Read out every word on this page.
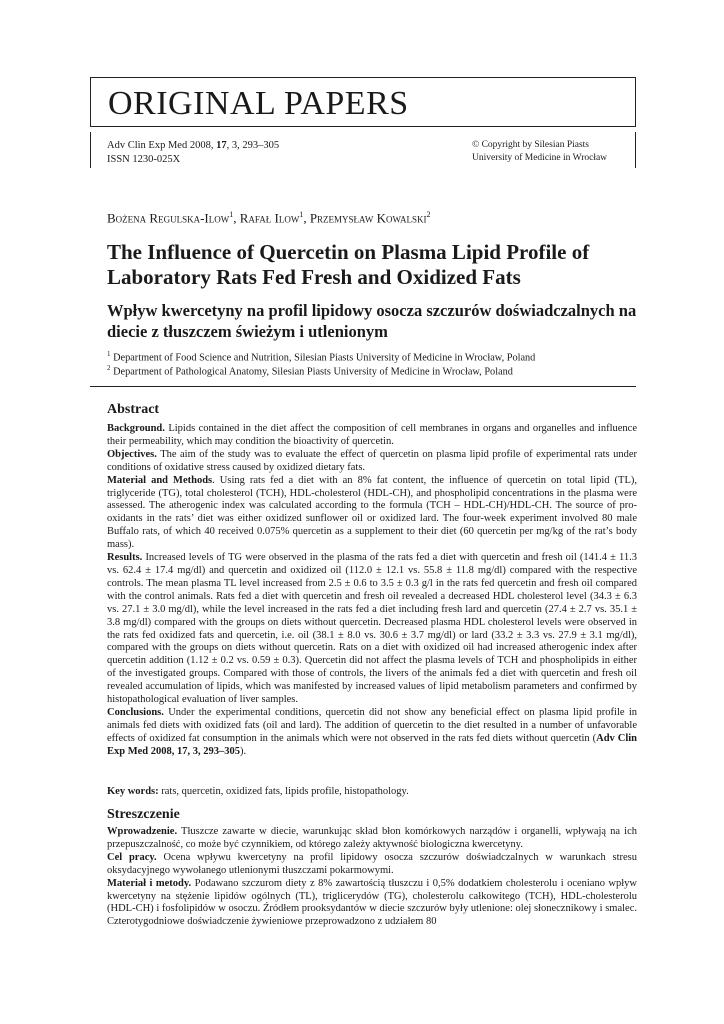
ORIGINAL PAPERS
Adv Clin Exp Med 2008, 17, 3, 293–305
ISSN 1230-025X
© Copyright by Silesian Piasts
University of Medicine in Wrocław
Bożena Regulska-Ilow$^1$, Rafał Ilow$^1$, Przemysław Kowalski$^2$
The Influence of Quercetin on Plasma Lipid Profile of Laboratory Rats Fed Fresh and Oxidized Fats
Wpływ kwercetyny na profil lipidowy osocza szczurów doświadczalnych na diecie z tłuszczem świeżym i utlenionym
$^1$ Department of Food Science and Nutrition, Silesian Piasts University of Medicine in Wrocław, Poland
$^2$ Department of Pathological Anatomy, Silesian Piasts University of Medicine in Wrocław, Poland
Abstract

Background. Lipids contained in the diet affect the composition of cell membranes in organs and organelles and influence their permeability, which may condition the bioactivity of quercetin.

Objectives. The aim of the study was to evaluate the effect of quercetin on plasma lipid profile of experimental rats under conditions of oxidative stress caused by oxidized dietary fats.

Material and Methods. Using rats fed a diet with an 8% fat content, the influence of quercetin on total lipid (TL), triglyceride (TG), total cholesterol (TCH), HDL-cholesterol (HDL-CH), and phospholipid concentrations in the plasma were assessed. The atherogenic index was calculated according to the formula (TCH – HDL-CH)/HDL-CH. The source of pro-oxidants in the rats’ diet was either oxidized sunflower oil or oxidized lard. The four-week experiment involved 80 male Buffalo rats, of which 40 received 0.075% quercetin as a supplement to their diet (60 quercetin per mg/kg of the rat’s body mass).

Results. Increased levels of TG were observed in the plasma of the rats fed a diet with quercetin and fresh oil (141.4 ± 11.3 vs. 62.4 ± 17.4 mg/dl) and quercetin and oxidized oil (112.0 ± 12.1 vs. 55.8 ± 11.8 mg/dl) compared with the respective controls. The mean plasma TL level increased from 2.5 ± 0.6 to 3.5 ± 0.3 g/l in the rats fed quercetin and fresh oil compared with the control animals. Rats fed a diet with quercetin and fresh oil revealed a decreased HDL cholesterol level (34.3 ± 6.3 vs. 27.1 ± 3.0 mg/dl), while the level increased in the rats fed a diet including fresh lard and quercetin (27.4 ± 2.7 vs. 35.1 ± 3.8 mg/dl) compared with the groups on diets without quercetin. Decreased plasma HDL cholesterol levels were observed in the rats fed oxidized fats and quercetin, i.e. oil (38.1 ± 8.0 vs. 30.6 ± 3.7 mg/dl) or lard (33.2 ± 3.3 vs. 27.9 ± 3.1 mg/dl), compared with the groups on diets without quercetin. Rats on a diet with oxidized oil had increased atherogenic index after quercetin addition (1.12 ± 0.2 vs. 0.59 ± 0.3). Quercetin did not affect the plasma levels of TCH and phospholipids in either of the investigated groups. Compared with those of controls, the livers of the animals fed a diet with quercetin and fresh oil revealed accumulation of lipids, which was manifested by increased values of lipid metabolism parameters and confirmed by histopathological evaluation of liver samples.

Conclusions. Under the experimental conditions, quercetin did not show any beneficial effect on plasma lipid profile in animals fed diets with oxidized fats (oil and lard). The addition of quercetin to the diet resulted in a number of unfavorable effects of oxidized fat consumption in the animals which were not observed in the rats fed diets without quercetin (Adv Clin Exp Med 2008, 17, 3, 293–305).

Key words: rats, quercetin, oxidized fats, lipids profile, histopathology.

Streszczenie

Wprowadzenie. Tłuszcze zawarte w diecie, warunkując skład błon komórkowych narządów i organelli, wpływają na ich przepuszczalność, co może być czynnikiem, od którego zależy aktywność biologiczna kwercetyny.

Cel pracy. Ocena wpływu kwercetyny na profil lipidowy osocza szczurów doświadczalnych w warunkach stresu oksydacyjnego wywołanego utlenionymi tłuszczami pokarmowymi.

Materiał i metody. Podawano szczurom diety z 8% zawartością tłuszczu i 0,5% dodatkiem cholesterolu i oceniano wpływ kwercetyny na stężenie lipidów ogólnych (TL), triglicerydów (TG), cholesterolu całkowitego (TCH), HDL-cholesterolu (HDL-CH) i fosfolipidów w osoczu. Źródłem prooksydantów w diecie szczurów były utlenione: olej słonecznikowy i smalec. Czterotygodniowe doświadczenie żywieniowe przeprowadzono z udziałem 80
